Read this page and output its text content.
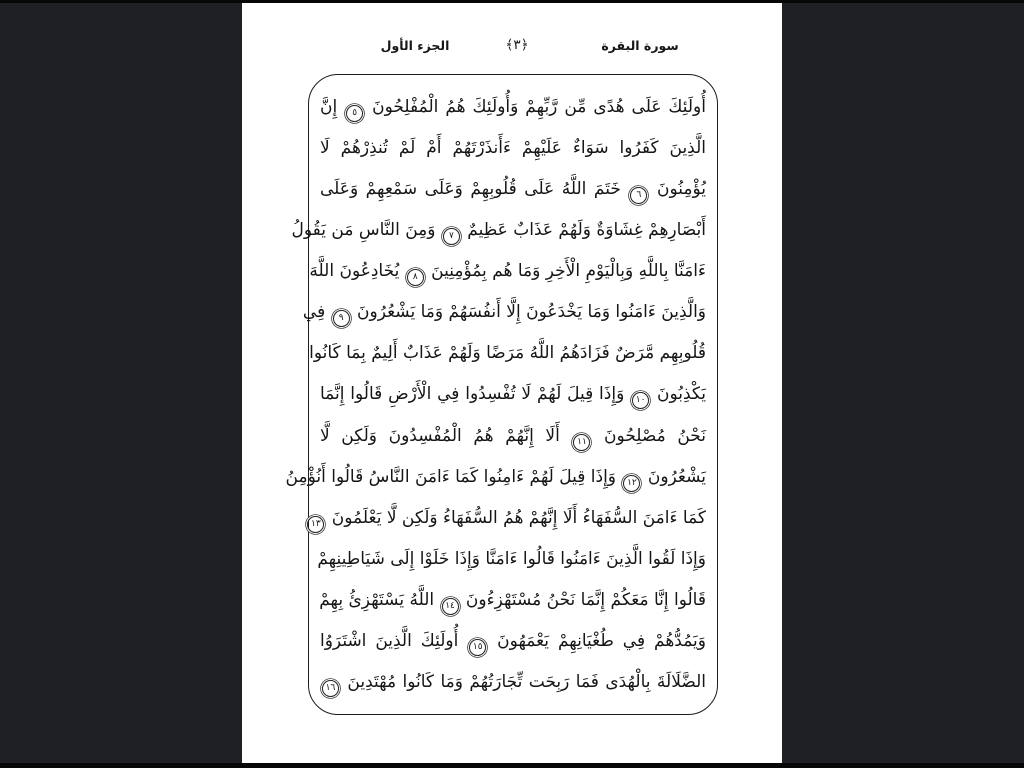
سورة البقرة
﴿٣﴾
الجزء الأول
أُولَئِكَ عَلَى هُدًى مِّن رَّبِّهِمْ وَأُولَئِكَ هُمُ الْمُفْلِحُونَ ٥ إِنَّ
الَّذِينَ كَفَرُوا سَوَاءٌ عَلَيْهِمْ ءَأَنذَرْتَهُمْ أَمْ لَمْ تُنذِرْهُمْ لَا
يُؤْمِنُونَ ٦ خَتَمَ اللَّهُ عَلَى قُلُوبِهِمْ وَعَلَى سَمْعِهِمْ وَعَلَى
أَبْصَارِهِمْ غِشَاوَةٌ وَلَهُمْ عَذَابٌ عَظِيمٌ ٧ وَمِنَ النَّاسِ مَن يَقُولُ
ءَامَنَّا بِاللَّهِ وَبِالْيَوْمِ الْأَخِرِ وَمَا هُم بِمُؤْمِنِينَ ٨ يُخَادِعُونَ اللَّهَ
وَالَّذِينَ ءَامَنُوا وَمَا يَخْدَعُونَ إِلَّا أَنفُسَهُمْ وَمَا يَشْعُرُونَ ٩ فِي
قُلُوبِهِم مَّرَضٌ فَزَادَهُمُ اللَّهُ مَرَضًا وَلَهُمْ عَذَابٌ أَلِيمٌ بِمَا كَانُوا
يَكْذِبُونَ ١٠ وَإِذَا قِيلَ لَهُمْ لَا تُفْسِدُوا فِي الْأَرْضِ قَالُوا إِنَّمَا
نَحْنُ مُصْلِحُونَ ١١ أَلَا إِنَّهُمْ هُمُ الْمُفْسِدُونَ وَلَكِن لَّا
يَشْعُرُونَ ١٢ وَإِذَا قِيلَ لَهُمْ ءَامِنُوا كَمَا ءَامَنَ النَّاسُ قَالُوا أَنُؤْمِنُ
كَمَا ءَامَنَ السُّفَهَاءُ أَلَا إِنَّهُمْ هُمُ السُّفَهَاءُ وَلَكِن لَّا يَعْلَمُونَ ١٣
وَإِذَا لَقُوا الَّذِينَ ءَامَنُوا قَالُوا ءَامَنَّا وَإِذَا خَلَوْا إِلَى شَيَاطِينِهِمْ
قَالُوا إِنَّا مَعَكُمْ إِنَّمَا نَحْنُ مُسْتَهْزِءُونَ ١٤ اللَّهُ يَسْتَهْزِئُ بِهِمْ
وَيَمُدُّهُمْ فِي طُغْيَانِهِمْ يَعْمَهُونَ ١٥ أُولَئِكَ الَّذِينَ اشْتَرَوُا
الضَّلَالَةَ بِالْهُدَى فَمَا رَبِحَت تِّجَارَتُهُمْ وَمَا كَانُوا مُهْتَدِينَ ١٦
